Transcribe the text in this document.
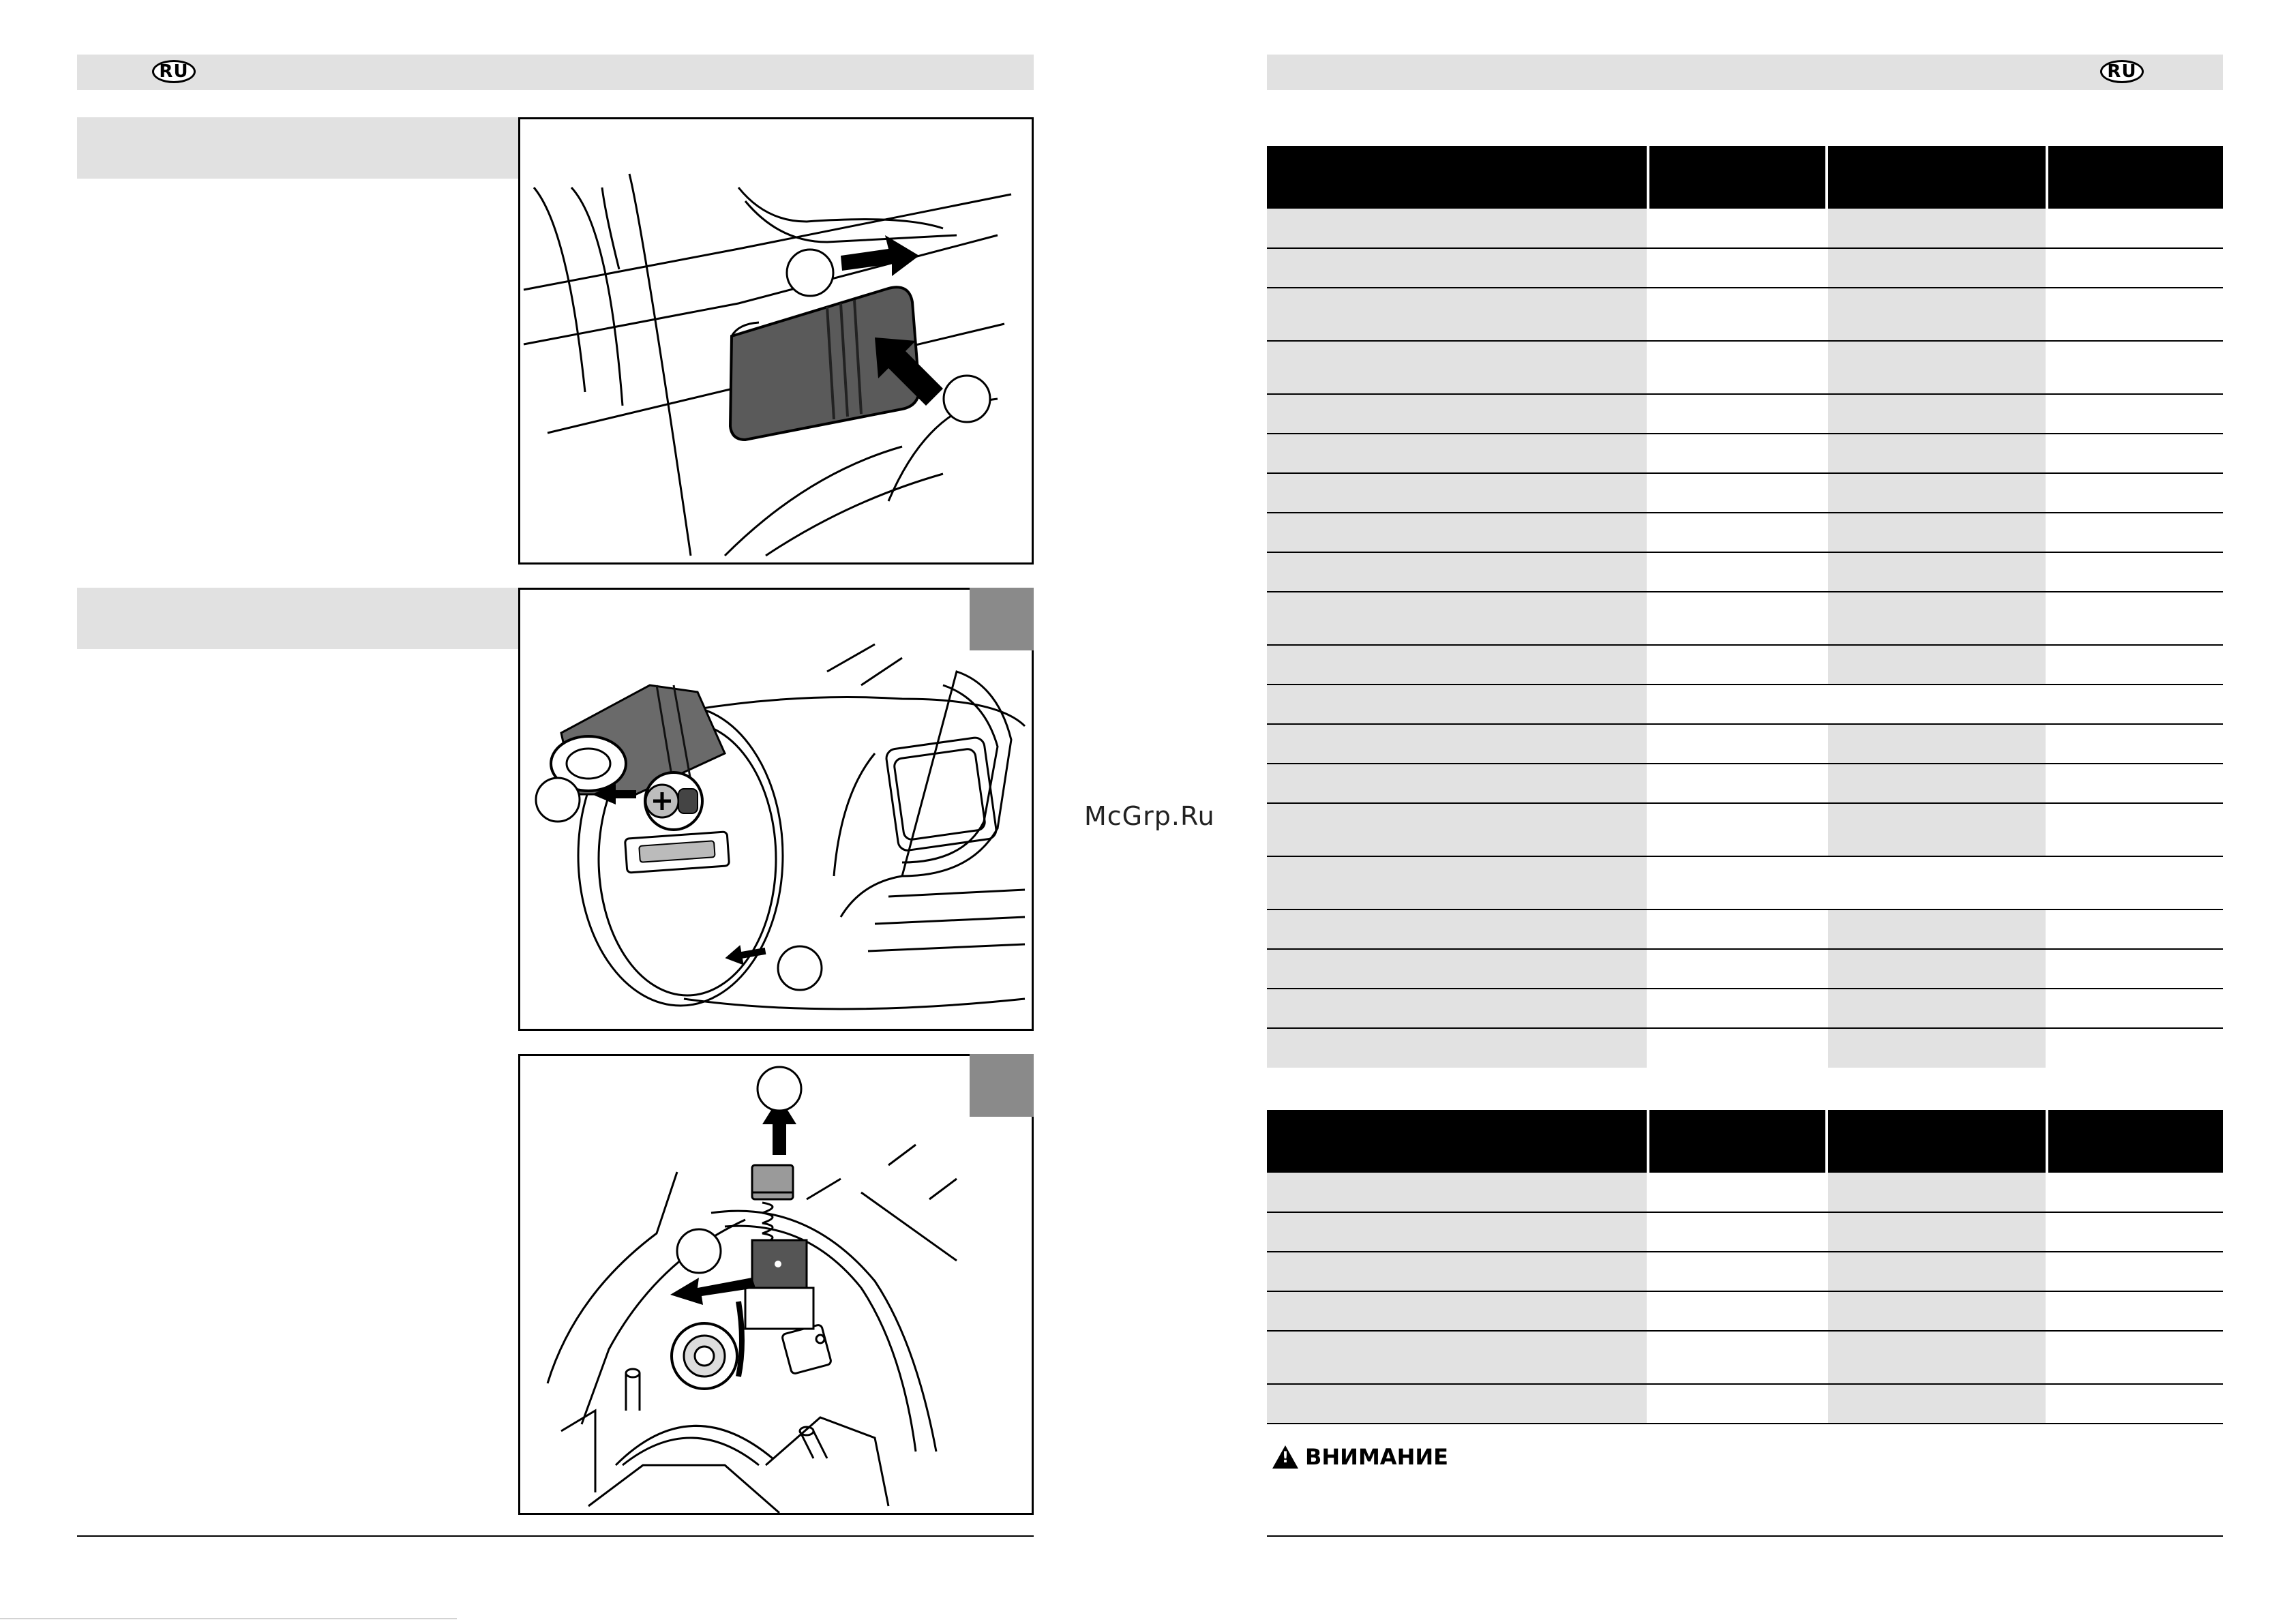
RU
McGrp.Ru
RU

!
ВНИМАНИЕ
